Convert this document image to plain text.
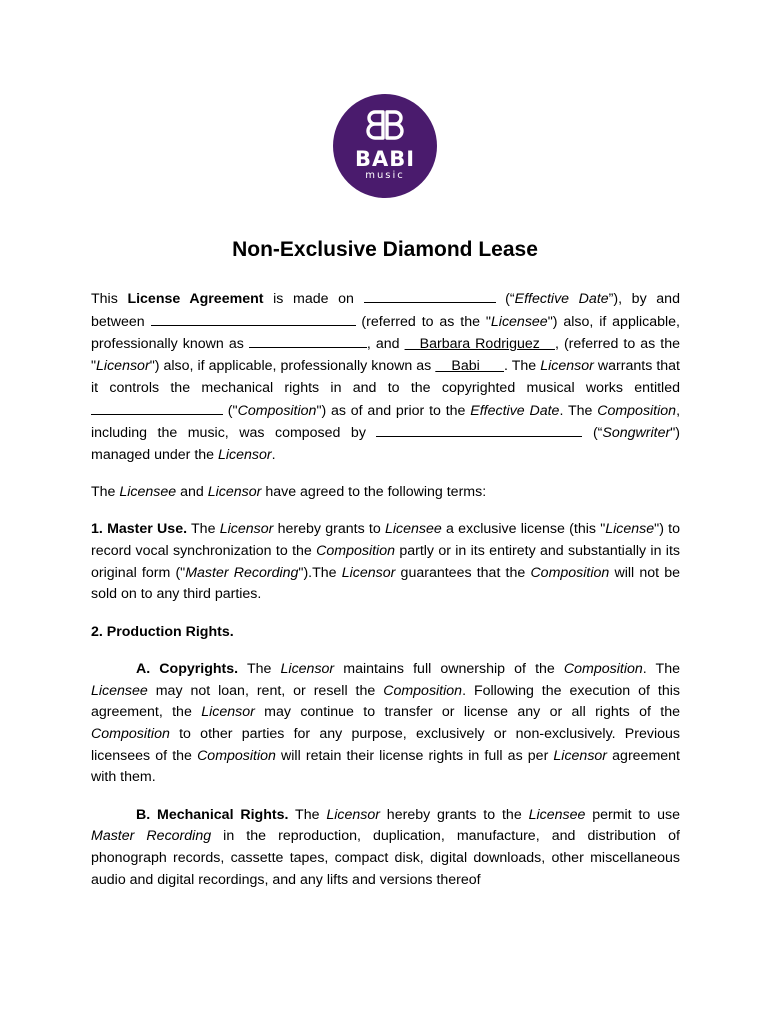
BABI
music
Non-Exclusive Diamond Lease

This License Agreement is made on	(“Effective Date”), by and between	(referred to as the "Licensee") also, if applicable, professionally known as	, and    Barbara Rodriguez   , (referred to as the "Licensor") also, if applicable, professionally known as     Babi      . The Licensor warrants that it controls the mechanical rights in and to the copyrighted musical works entitled  ("Composition") as of and prior to the Effective Date. The Composition, including the music, was composed by	(“Songwriter") managed under the Licensor.

The Licensee and Licensor have agreed to the following terms:

1. Master Use. The Licensor hereby grants to Licensee a exclusive license (this "License") to record vocal synchronization to the Composition partly or in its entirety and substantially in its original form ("Master Recording").The Licensor guarantees that the Composition will not be sold on to any third parties.

2. Production Rights.

A. Copyrights. The Licensor maintains full ownership of the Composition. The Licensee may not loan, rent, or resell the Composition. Following the execution of this agreement, the Licensor may continue to transfer or license any or all rights of the Composition to other parties for any purpose, exclusively or non-exclusively. Previous licensees of the Composition will retain their license rights in full as per Licensor agreement with them.

B. Mechanical Rights. The Licensor hereby grants to the Licensee permit to use Master Recording in the reproduction, duplication, manufacture, and distribution of phonograph records, cassette tapes, compact disk, digital downloads, other miscellaneous audio and digital recordings, and any lifts and versions thereof
